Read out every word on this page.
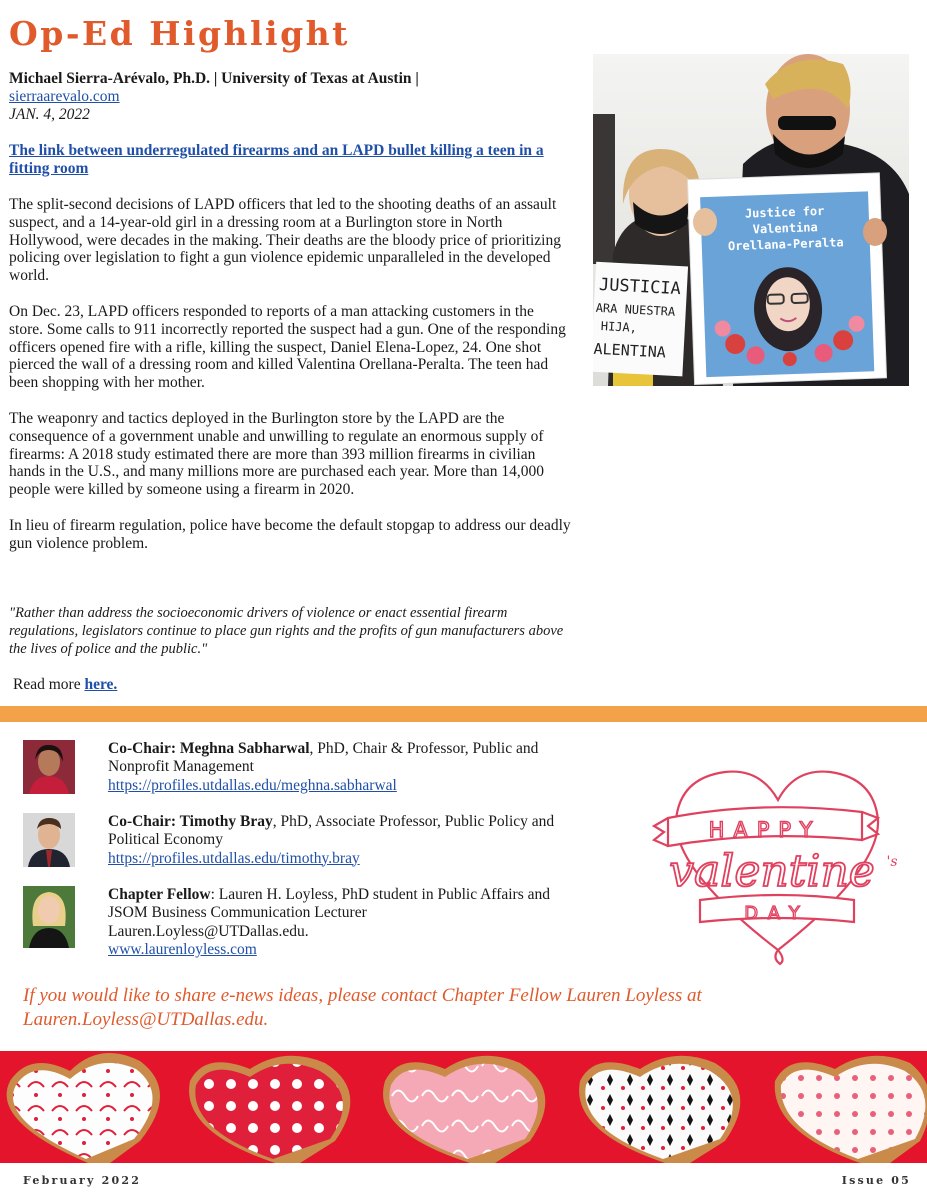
Op-Ed Highlight
Michael Sierra-Arévalo, Ph.D. | University of Texas at Austin |
sierraarevalo.com
JAN. 4, 2022
The link between underregulated firearms and an LAPD bullet killing a teen in a fitting room

The split-second decisions of LAPD officers that led to the shooting deaths of an assault suspect, and a 14-year-old girl in a dressing room at a Burlington store in North Hollywood, were decades in the making. Their deaths are the bloody price of prioritizing policing over legislation to fight a gun violence epidemic unparalleled in the developed world.

On Dec. 23, LAPD officers responded to reports of a man attacking customers in the store. Some calls to 911 incorrectly reported the suspect had a gun. One of the responding officers opened fire with a rifle, killing the suspect, Daniel Elena-Lopez, 24. One shot pierced the wall of a dressing room and killed Valentina Orellana-Peralta. The teen had been shopping with her mother.

The weaponry and tactics deployed in the Burlington store by the LAPD are the consequence of a government unable and unwilling to regulate an enormous supply of firearms: A 2018 study estimated there are more than 393 million firearms in civilian hands in the U.S., and many millions more are purchased each year. More than 14,000 people were killed by someone using a firearm in 2020.

In lieu of firearm regulation, police have become the default stopgap to address our deadly gun violence problem.

"Rather than address the socioeconomic drivers of violence or enact essential firearm regulations, legislators continue to place gun rights and the profits of gun manufacturers above the lives of police and the public."
Read more here.
JUSTICIA
ARA NUESTRA
HIJA,
ALENTINA
Justice for
Valentina
Orellana-Peralta
Co-Chair: Meghna Sabharwal, PhD, Chair & Professor, Public and Nonprofit Management
https://profiles.utdallas.edu/meghna.sabharwal
Co-Chair: Timothy Bray, PhD, Associate Professor, Public Policy and Political Economy
https://profiles.utdallas.edu/timothy.bray
Chapter Fellow: Lauren H. Loyless, PhD student in Public Affairs and JSOM Business Communication Lecturer
Lauren.Loyless@UTDallas.edu.
www.laurenloyless.com
HAPPY
valentine 's
DAY
If you would like to share e-news ideas, please contact Chapter Fellow Lauren Loyless at Lauren.Loyless@UTDallas.edu.
February 2022	Issue 05
